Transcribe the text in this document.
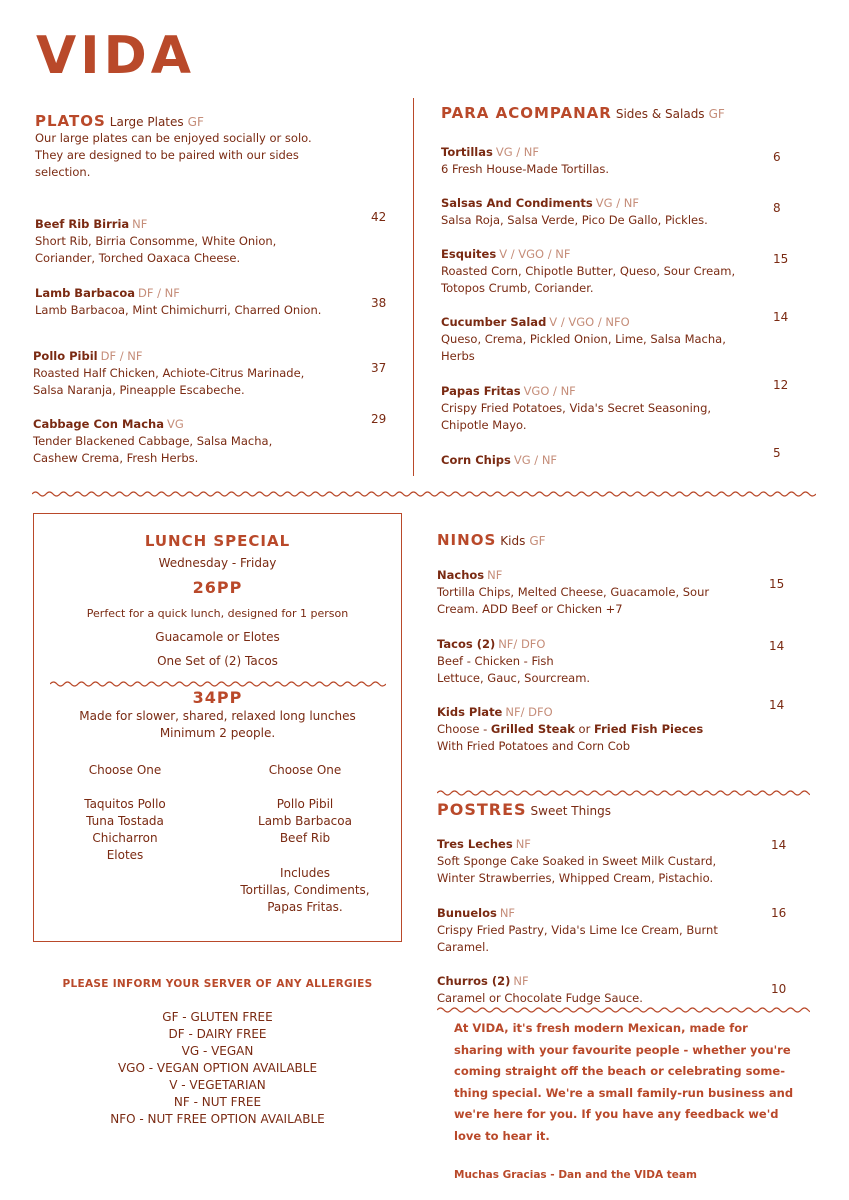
VIDA
PLATOS Large Plates GF
Our large plates can be enjoyed socially or solo.
They are designed to be paired with our sides
selection.
Beef Rib Birria NF
Short Rib, Birria Consomme, White Onion,
Coriander, Torched Oaxaca Cheese.
42
Lamb Barbacoa DF / NF
Lamb Barbacoa, Mint Chimichurri, Charred Onion.	38
Pollo Pibil DF / NF
Roasted Half Chicken, Achiote-Citrus Marinade,
Salsa Naranja, Pineapple Escabeche.
37
Cabbage Con Macha VG
Tender Blackened Cabbage, Salsa Macha,
Cashew Crema, Fresh Herbs.
29
PARA ACOMPANAR Sides & Salads GF
Tortillas VG / NF
6 Fresh House-Made Tortillas.
6
Salsas And Condiments VG / NF
Salsa Roja, Salsa Verde, Pico De Gallo, Pickles.
8
Esquites V / VGO / NF
Roasted Corn, Chipotle Butter, Queso, Sour Cream,
Totopos Crumb, Coriander.
15
Cucumber Salad V / VGO / NFO
Queso, Crema, Pickled Onion, Lime, Salsa Macha,
Herbs
14
Papas Fritas VGO / NF
Crispy Fried Potatoes, Vida's Secret Seasoning,
Chipotle Mayo.
12
Corn Chips VG / NF	5
LUNCH SPECIAL
Wednesday - Friday
26PP
Perfect for a quick lunch, designed for 1 person
Guacamole or Elotes
One Set of (2) Tacos
34PP
Made for slower, shared, relaxed long lunches
Minimum 2 people.
Choose One
Taquitos Pollo
Tuna Tostada
Chicharron
Elotes
Choose One
Pollo Pibil
Lamb Barbacoa
Beef Rib
Includes
Tortillas, Condiments,
Papas Fritas.
PLEASE INFORM YOUR SERVER OF ANY ALLERGIES
GF - GLUTEN FREE
DF - DAIRY FREE
VG - VEGAN
VGO - VEGAN OPTION AVAILABLE
V - VEGETARIAN
NF - NUT FREE
NFO - NUT FREE OPTION AVAILABLE
NINOS Kids GF
Nachos NF
Tortilla Chips, Melted Cheese, Guacamole, Sour
Cream. ADD Beef or Chicken +7
15
Tacos (2) NF/ DFO
Beef - Chicken - Fish
Lettuce, Gauc, Sourcream.
14
Kids Plate NF/ DFO
Choose - Grilled Steak or Fried Fish Pieces
With Fried Potatoes and Corn Cob
14
POSTRES Sweet Things
Tres Leches NF
Soft Sponge Cake Soaked in Sweet Milk Custard,
Winter Strawberries, Whipped Cream, Pistachio.
14
Bunuelos NF
Crispy Fried Pastry, Vida's Lime Ice Cream, Burnt
Caramel.
16
Churros (2) NF
Caramel or Chocolate Fudge Sauce.
10
At VIDA, it's fresh modern Mexican, made for
sharing with your favourite people - whether you're
coming straight off the beach or celebrating some-
thing special. We're a small family-run business and
we're here for you. If you have any feedback we'd
love to hear it.
Muchas Gracias - Dan and the VIDA team
